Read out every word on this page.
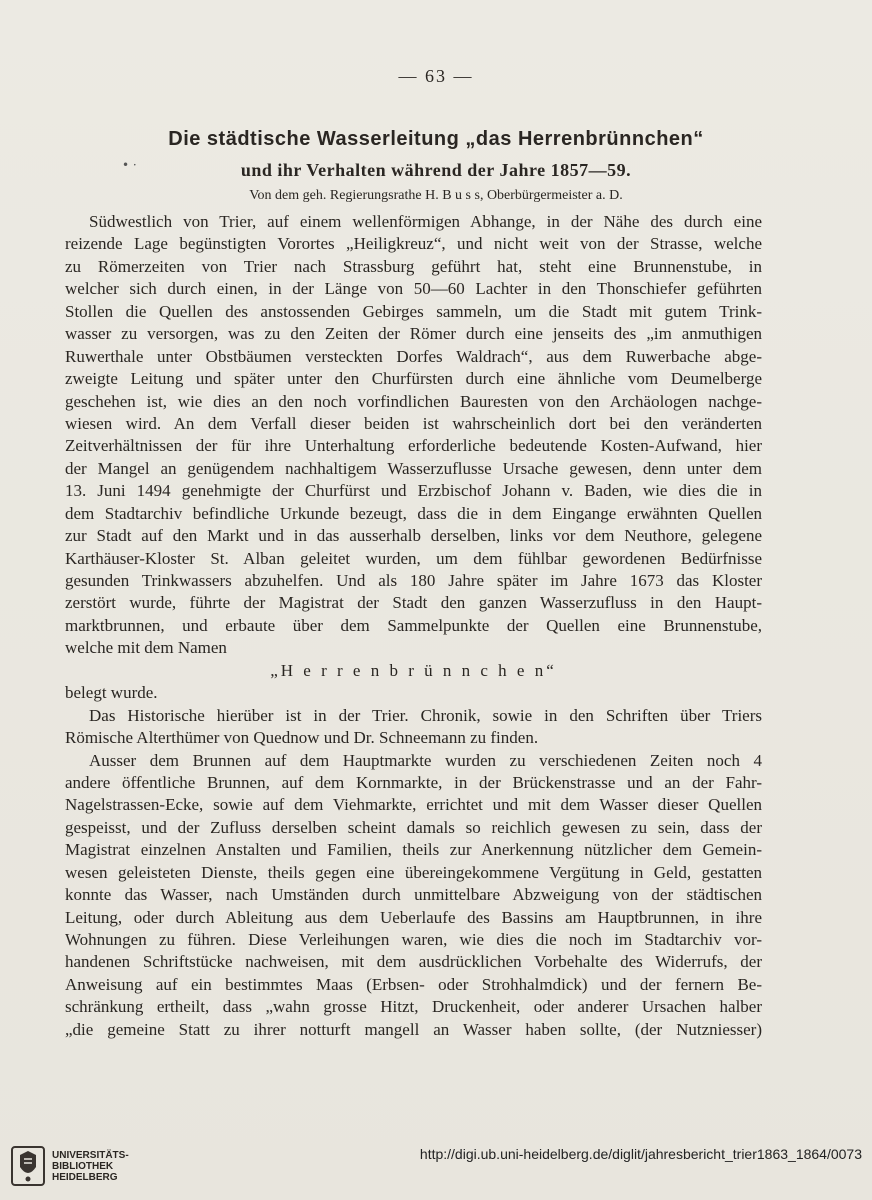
— 63 —
• ·
Die städtische Wasserleitung „das Herrenbrünnchen“
und ihr Verhalten während der Jahre 1857—59.
Von dem geh. Regierungsrathe H. B u s s, Oberbürgermeister a. D.
Südwestlich von Trier, auf einem wellenförmigen Abhange, in der Nähe des durch eine
reizende Lage begünstigten Vorortes „Heiligkreuz“, und nicht weit von der Strasse, welche
zu Römerzeiten von Trier nach Strassburg geführt hat, steht eine Brunnenstube, in
welcher sich durch einen, in der Länge von 50—60 Lachter in den Thonschiefer geführten
Stollen die Quellen des anstossenden Gebirges sammeln, um die Stadt mit gutem Trink-
wasser zu versorgen, was zu den Zeiten der Römer durch eine jenseits des „im anmuthigen
Ruwerthale unter Obstbäumen versteckten Dorfes Waldrach“, aus dem Ruwerbache abge-
zweigte Leitung und später unter den Churfürsten durch eine ähnliche vom Deumelberge
geschehen ist, wie dies an den noch vorfindlichen Bauresten von den Archäologen nachge-
wiesen wird. An dem Verfall dieser beiden ist wahrscheinlich dort bei den veränderten
Zeitverhältnissen der für ihre Unterhaltung erforderliche bedeutende Kosten-Aufwand, hier
der Mangel an genügendem nachhaltigem Wasserzuflusse Ursache gewesen, denn unter dem
13. Juni 1494 genehmigte der Churfürst und Erzbischof Johann v. Baden, wie dies die in
dem Stadtarchiv befindliche Urkunde bezeugt, dass die in dem Eingange erwähnten Quellen
zur Stadt auf den Markt und in das ausserhalb derselben, links vor dem Neuthore, gelegene
Karthäuser-Kloster St. Alban geleitet wurden, um dem fühlbar gewordenen Bedürfnisse
gesunden Trinkwassers abzuhelfen. Und als 180 Jahre später im Jahre 1673 das Kloster
zerstört wurde, führte der Magistrat der Stadt den ganzen Wasserzufluss in den Haupt-
marktbrunnen, und erbaute über dem Sammelpunkte der Quellen eine Brunnenstube,
welche mit dem Namen
„H e r r e n b r ü n n c h e n“
belegt wurde.
Das Historische hierüber ist in der Trier. Chronik, sowie in den Schriften über Triers
Römische Alterthümer von Quednow und Dr. Schneemann zu finden.
Ausser dem Brunnen auf dem Hauptmarkte wurden zu verschiedenen Zeiten noch 4
andere öffentliche Brunnen, auf dem Kornmarkte, in der Brückenstrasse und an der Fahr-
Nagelstrassen-Ecke, sowie auf dem Viehmarkte, errichtet und mit dem Wasser dieser Quellen
gespeisst, und der Zufluss derselben scheint damals so reichlich gewesen zu sein, dass der
Magistrat einzelnen Anstalten und Familien, theils zur Anerkennung nützlicher dem Gemein-
wesen geleisteten Dienste, theils gegen eine übereingekommene Vergütung in Geld, gestatten
konnte das Wasser, nach Umständen durch unmittelbare Abzweigung von der städtischen
Leitung, oder durch Ableitung aus dem Ueberlaufe des Bassins am Hauptbrunnen, in ihre
Wohnungen zu führen. Diese Verleihungen waren, wie dies die noch im Stadtarchiv vor-
handenen Schriftstücke nachweisen, mit dem ausdrücklichen Vorbehalte des Widerrufs, der
Anweisung auf ein bestimmtes Maas (Erbsen- oder Strohhalmdick) und der fernern Be-
schränkung ertheilt, dass „wahn grosse Hitzt, Druckenheit, oder anderer Ursachen halber
„die gemeine Statt zu ihrer notturft mangell an Wasser haben sollte, (der Nutzniesser)
UNIVERSITÄTS-
BIBLIOTHEK
HEIDELBERG
http://digi.ub.uni-heidelberg.de/diglit/jahresbericht_trier1863_1864/0073
